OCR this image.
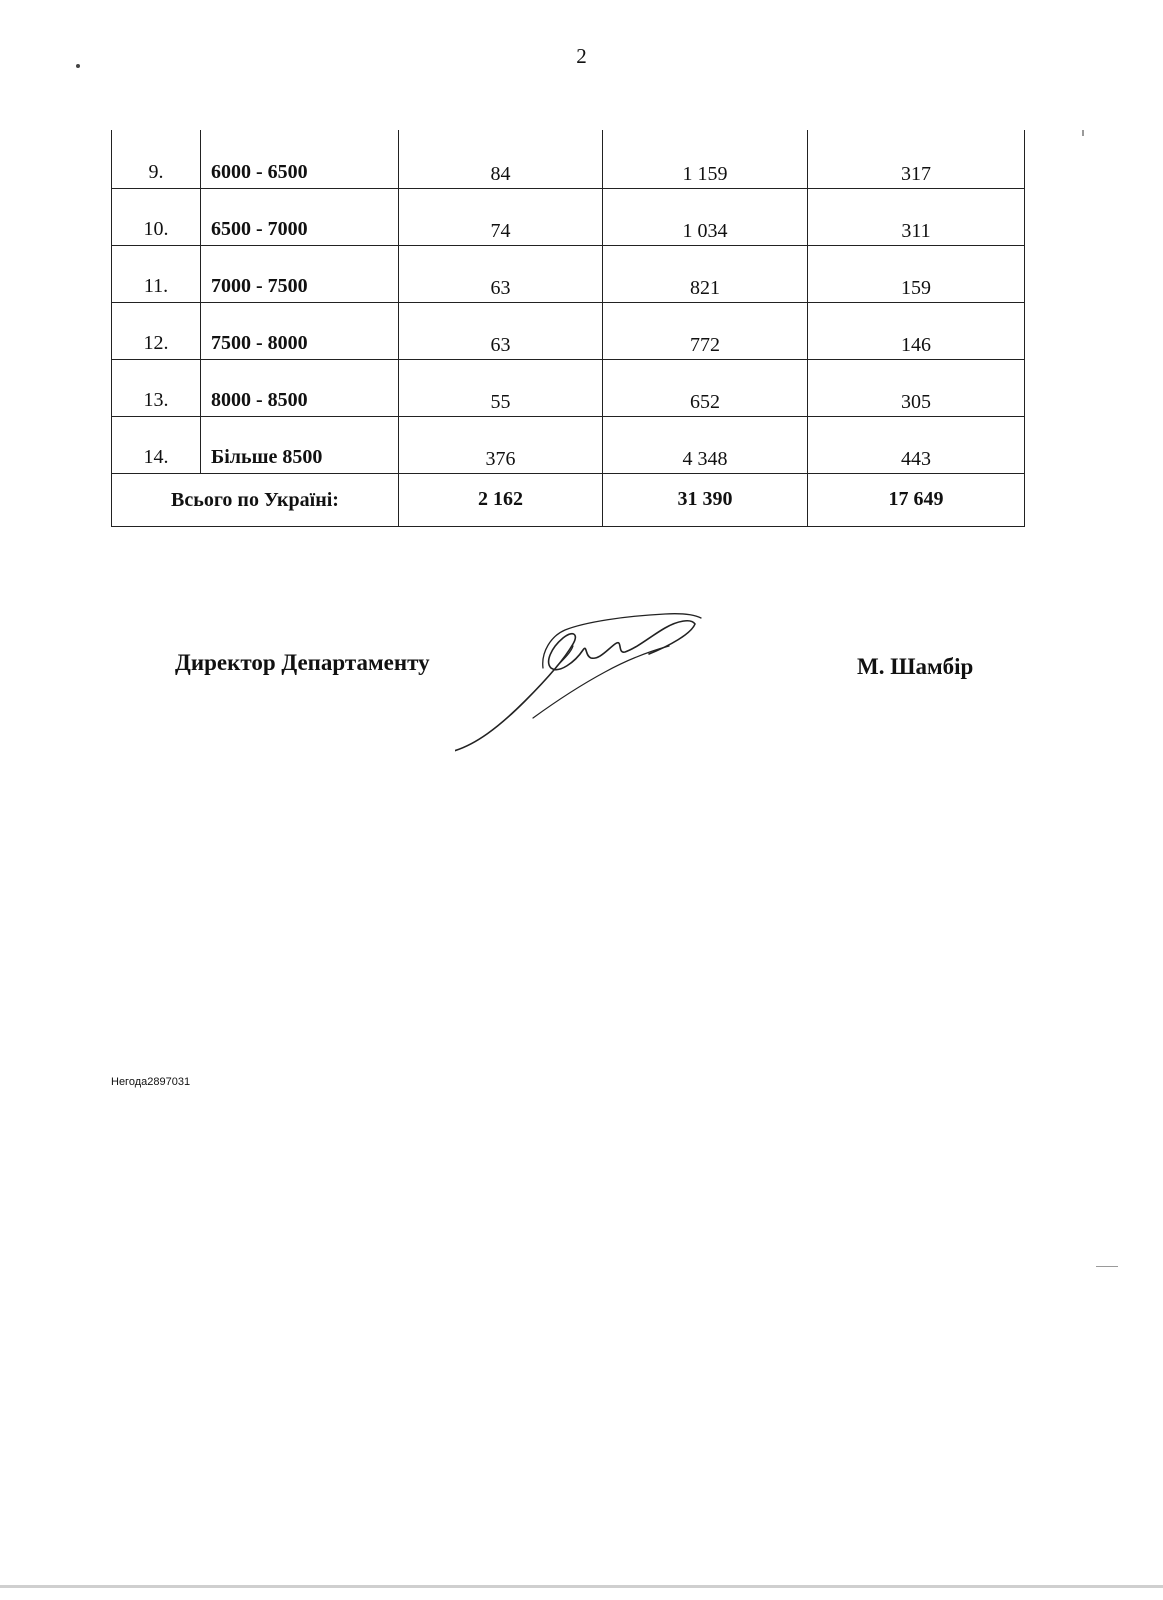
2
9.	6000 - 6500	84	1 159	317
10.	6500 - 7000	74	1 034	311
11.	7000 - 7500	63	821	159
12.	7500 - 8000	63	772	146
13.	8000 - 8500	55	652	305
14.	Більше 8500	376	4 348	443
Всього по Україні:		2 162	31 390	17 649
Директор Департаменту	М. Шамбір
Негода2897031
